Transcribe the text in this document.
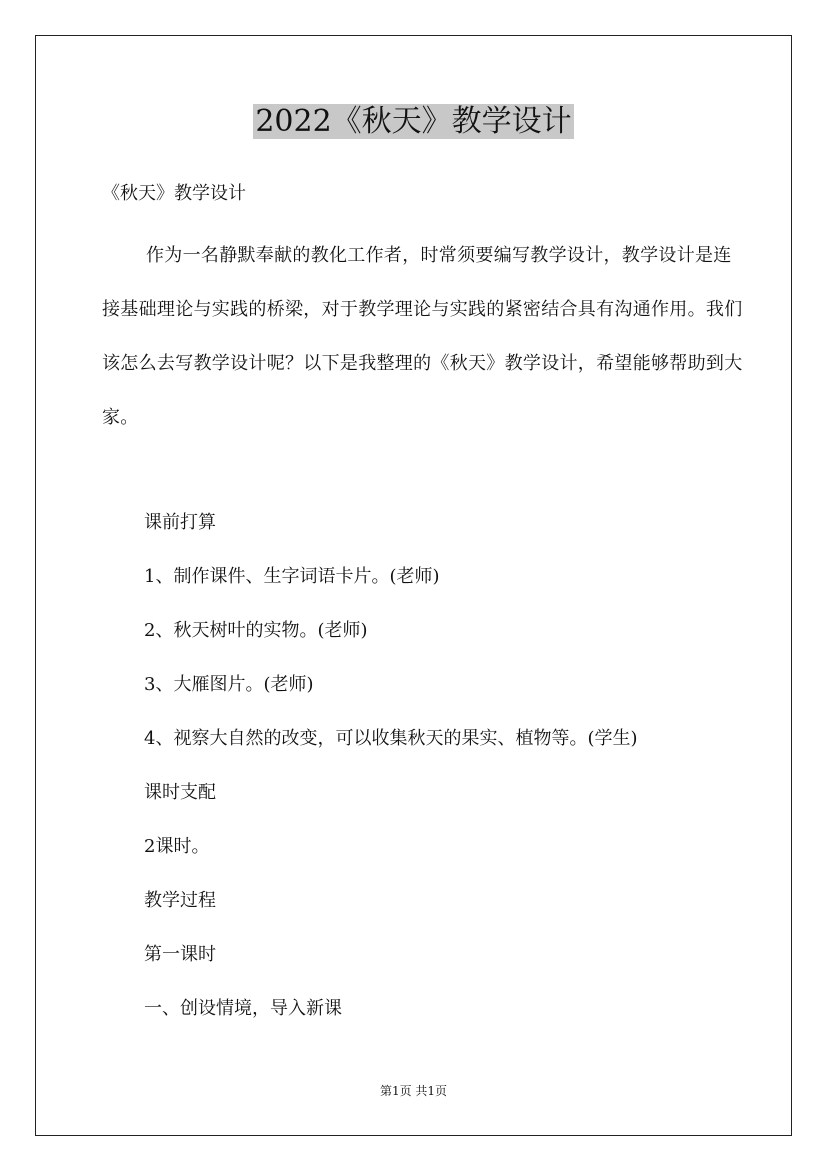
2022《秋天》教学设计

《秋天》教学设计

作为一名静默奉献的教化工作者，时常须要编写教学设计，教学设计是连接基础理论与实践的桥梁，对于教学理论与实践的紧密结合具有沟通作用。我们该怎么去写教学设计呢？以下是我整理的《秋天》教学设计，希望能够帮助到大家。

课前打算

1、制作课件、生字词语卡片。(老师)

2、秋天树叶的实物。(老师)

3、大雁图片。(老师)

4、视察大自然的改变，可以收集秋天的果实、植物等。(学生)

课时支配

2课时。

教学过程

第一课时

一、创设情境，导入新课

第1页 共1页
